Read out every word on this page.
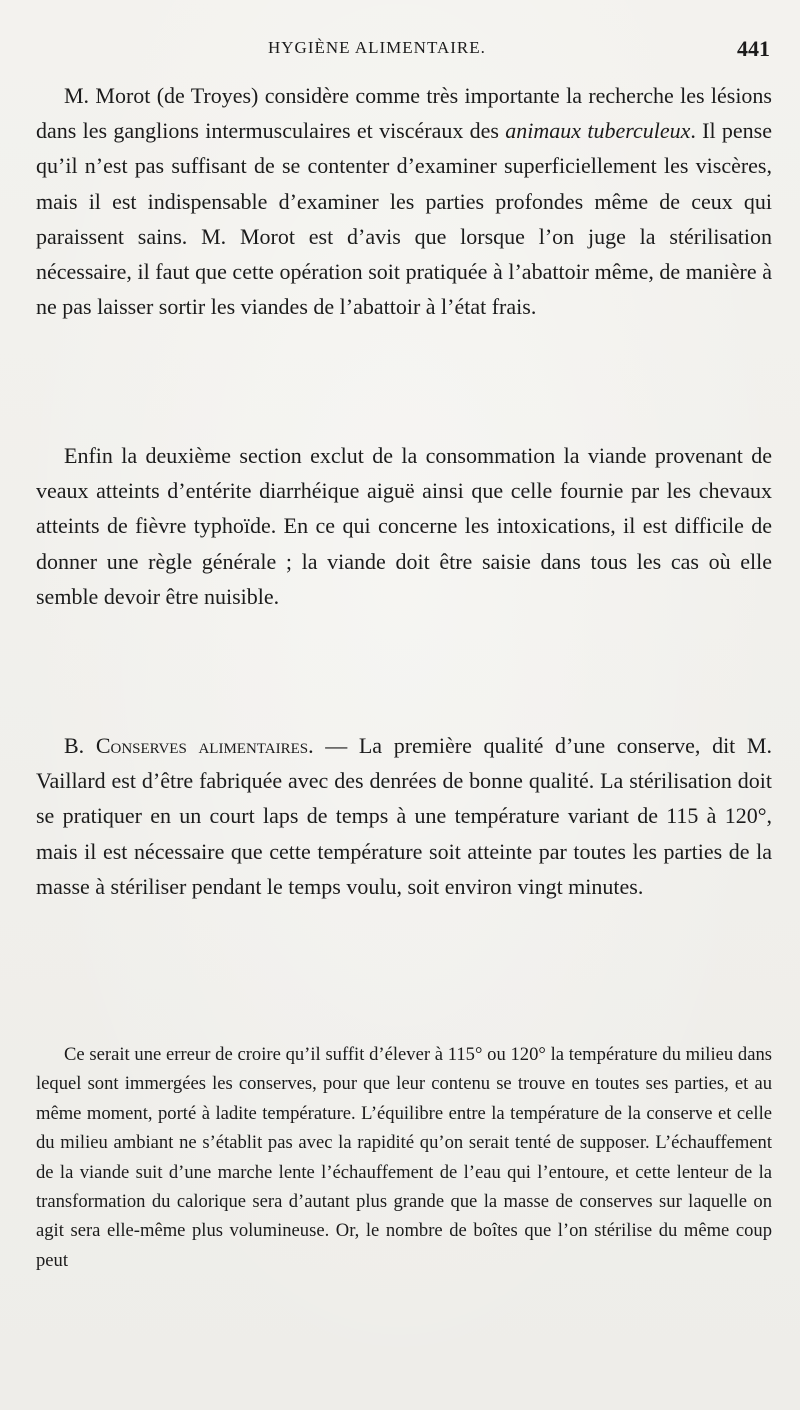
HYGIÈNE ALIMENTAIRE.	441

M. Morot (de Troyes) considère comme très importante la recherche les lésions dans les ganglions intermusculaires et viscéraux des animaux tuberculeux. Il pense qu’il n’est pas suffisant de se contenter d’examiner superficiellement les viscères, mais il est indispensable d’examiner les parties profondes même de ceux qui paraissent sains. M. Morot est d’avis que lorsque l’on juge la stérilisation nécessaire, il faut que cette opération soit pratiquée à l’abattoir même, de manière à ne pas laisser sortir les viandes de l’abattoir à l’état frais.

Enfin la deuxième section exclut de la consommation la viande provenant de veaux atteints d’entérite diarrhéique aiguë ainsi que celle fournie par les chevaux atteints de fièvre typhoïde. En ce qui concerne les intoxications, il est difficile de donner une règle générale ; la viande doit être saisie dans tous les cas où elle semble devoir être nuisible.

B. Conserves alimentaires. — La première qualité d’une conserve, dit M. Vaillard est d’être fabriquée avec des denrées de bonne qualité. La stérilisation doit se pratiquer en un court laps de temps à une température variant de 115 à 120°, mais il est nécessaire que cette température soit atteinte par toutes les parties de la masse à stériliser pendant le temps voulu, soit environ vingt minutes.

Ce serait une erreur de croire qu’il suffit d’élever à 115° ou 120° la température du milieu dans lequel sont immergées les conserves, pour que leur contenu se trouve en toutes ses parties, et au même moment, porté à ladite température. L’équilibre entre la température de la conserve et celle du milieu ambiant ne s’établit pas avec la rapidité qu’on serait tenté de supposer. L’échauffement de la viande suit d’une marche lente l’échauffement de l’eau qui l’entoure, et cette lenteur de la transformation du calorique sera d’autant plus grande que la masse de conserves sur laquelle on agit sera elle-même plus volumineuse. Or, le nombre de boîtes que l’on stérilise du même coup peut
